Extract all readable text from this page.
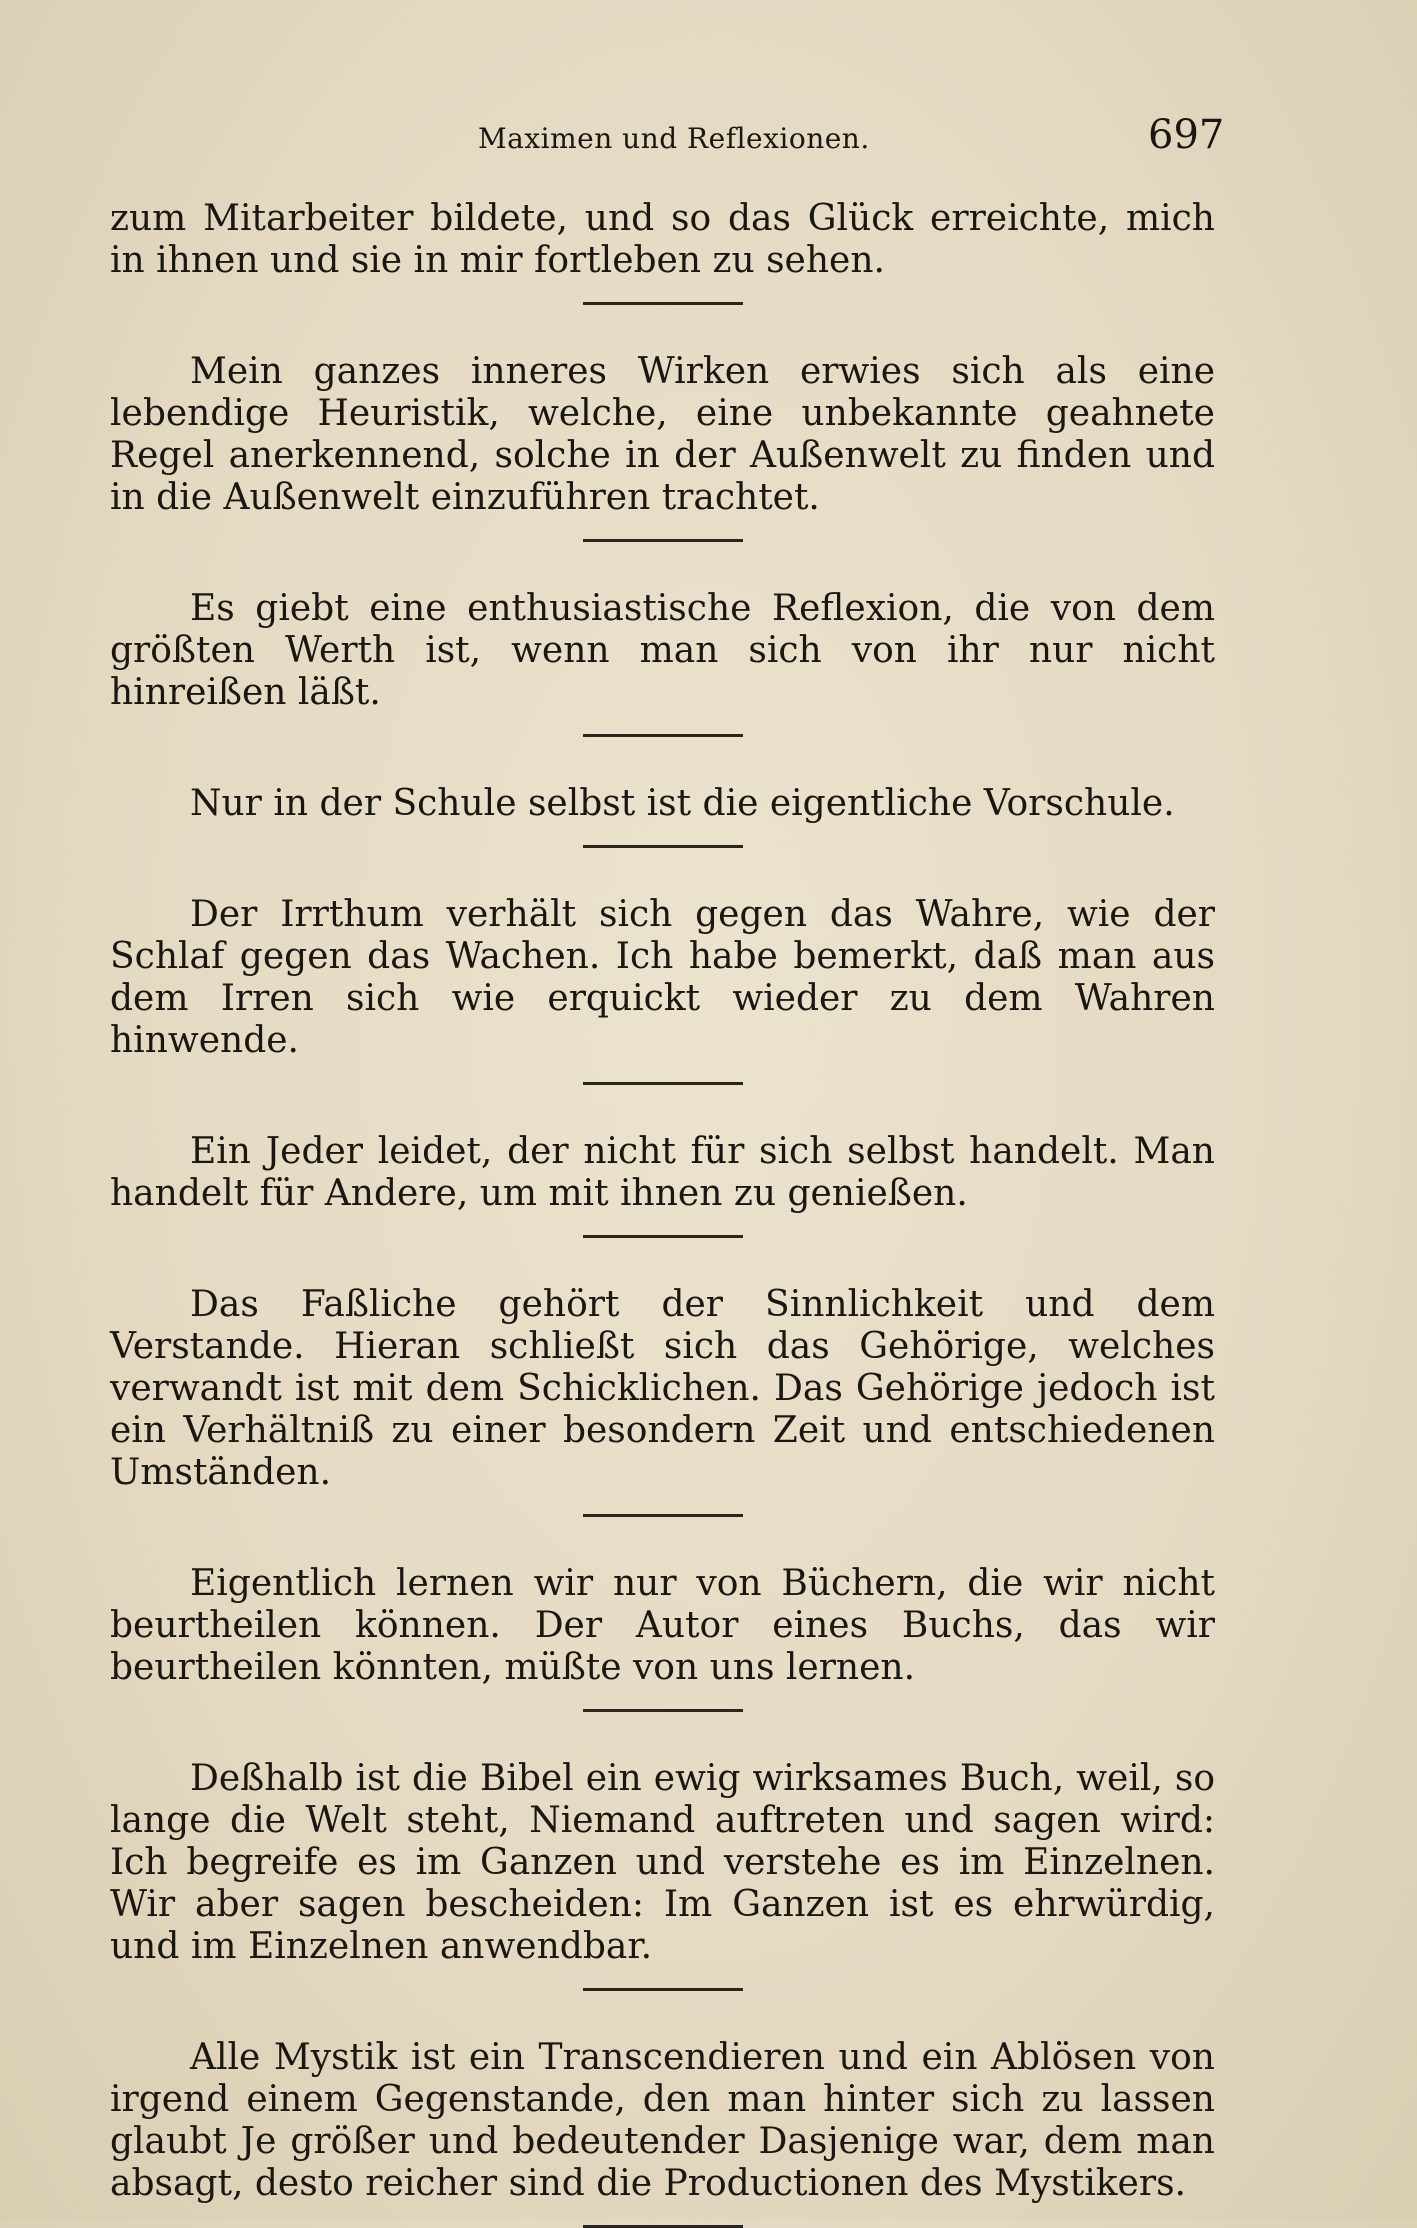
Maximen und Reflexionen.	697

zum Mitarbeiter bildete, und so das Glück erreichte, mich in ihnen und sie in mir fortleben zu sehen.

Mein ganzes inneres Wirken erwies sich als eine lebendige Heuristik, welche, eine unbekannte geahnete Regel anerkennend, solche in der Außenwelt zu finden und in die Außenwelt einzuführen trachtet.

Es giebt eine enthusiastische Reflexion, die von dem größten Werth ist, wenn man sich von ihr nur nicht hinreißen läßt.

Nur in der Schule selbst ist die eigentliche Vorschule.

Der Irrthum verhält sich gegen das Wahre, wie der Schlaf gegen das Wachen. Ich habe bemerkt, daß man aus dem Irren sich wie erquickt wieder zu dem Wahren hinwende.

Ein Jeder leidet, der nicht für sich selbst handelt. Man handelt für Andere, um mit ihnen zu genießen.

Das Faßliche gehört der Sinnlichkeit und dem Verstande. Hieran schließt sich das Gehörige, welches verwandt ist mit dem Schicklichen. Das Gehörige jedoch ist ein Verhältniß zu einer besondern Zeit und entschiedenen Umständen.

Eigentlich lernen wir nur von Büchern, die wir nicht beurtheilen können. Der Autor eines Buchs, das wir beurtheilen könnten, müßte von uns lernen.

Deßhalb ist die Bibel ein ewig wirksames Buch, weil, so lange die Welt steht, Niemand auftreten und sagen wird: Ich begreife es im Ganzen und verstehe es im Einzelnen. Wir aber sagen bescheiden: Im Ganzen ist es ehrwürdig, und im Einzelnen anwendbar.

Alle Mystik ist ein Transcendieren und ein Ablösen von irgend einem Gegenstande, den man hinter sich zu lassen glaubt Je größer und bedeutender Dasjenige war, dem man absagt, desto reicher sind die Productionen des Mystikers.
